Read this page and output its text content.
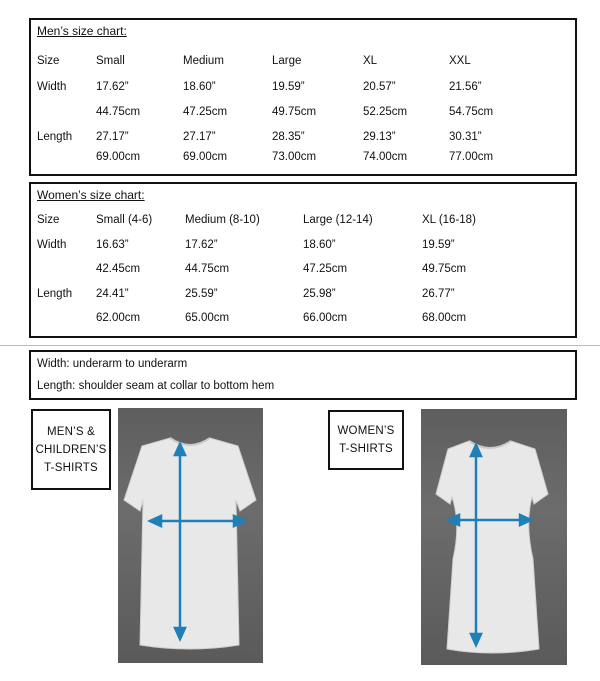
Men’s size chart:
Size	Small	Medium	Large	XL	XXL
Width	17.62”	18.60”	19.59”	20.57”	21.56”
44.75cm	47.25cm	49.75cm	52.25cm	54.75cm
Length 27.17”	27.17”	28.35”	29.13”	30.31”
69.00cm	69.00cm	73.00cm	74.00cm	77.00cm
Women’s size chart:
Size	Small (4-6)	Medium (8-10)	Large (12-14)	XL (16-18)
Width	16.63”	17.62”	18.60”	19.59”
42.45cm	44.75cm	47.25cm	49.75cm
Length 24.41”	25.59”	25.98”	26.77”
62.00cm	65.00cm	66.00cm	68.00cm
Width: underarm to underarm
Length: shoulder seam at collar to bottom hem
MEN’S &
CHILDREN’S
T-SHIRTS
WOMEN’S
T-SHIRTS
